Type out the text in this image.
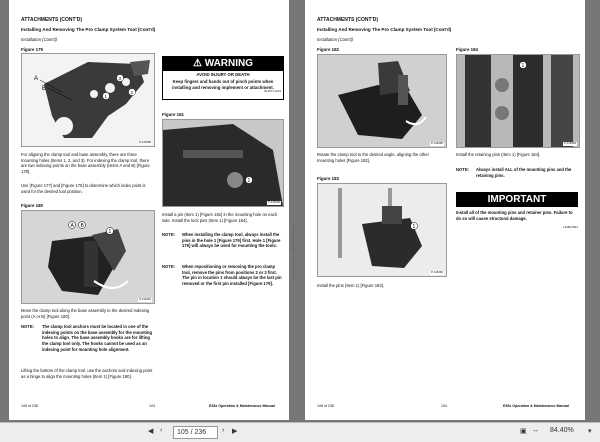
ATTACHMENTS (CONT'D)
Installing And Removing The Pro Clamp System Tool (Cont'd)
Installation (Cont'd)
Figure 179
A
B
1
2
3
P-116088
For aligning the clamp tool and base assembly, there are three mounting holes (Items 1, 2, and 3). For indexing the clamp tool, there are two indexing points on the base assembly (Items A and B) [Figure 179].
Use [Figure 177] and [Figure 178] to determine which index point is used for the desired tool position.
Figure 180
A B
1
P-116081
Move the clamp tool along the base assembly to the desired indexing point (A or B) [Figure 180].
NOTE:	The clamp tool anchors must be located in one of the indexing points on the base assembly for the mounting holes to align. The base assembly hooks are for lifting the clamp tool only. The hooks cannot be used as an indexing point for mounting hole alignment.
Lifting the bottom of the clamp tool, use the anchors and indexing point as a hinge to align the mounting holes (Item 1) [Figure 180].
⚠ WARNING
AVOID INJURY OR DEATH
Keep fingers and hands out of pinch points when installing and removing implement or attachment.
W-2571-1213
Figure 181
1
P-116084
Install a pin (Item 1) [Figure 181] in the mounting hole on each side. Install the lock pins (Item 1) [Figure 184].
NOTE:	When installing the clamp tool, always install the pins in the hole 1 [Figure 179] first. Hole 1 [Figure 179] will always be used for mounting the tools.
NOTE:	When repositioning or removing the pro clamp tool, remove the pins from positions 2 or 3 first. The pin in location 1 should always be the last pin removed or the first pin installed [Figure 179].
105 of 236	103	E35z Operation & Maintenance Manual
Dealer Copy -- Not for Resale
ATTACHMENTS (CONT'D)
Installing And Removing The Pro Clamp System Tool (Cont'd)
Installation (Cont'd)
Figure 182
P-116085
Rotate the clamp tool to the desired angle, aligning the other mounting holes [Figure 182].
Figure 183
1
P-116082
Install the pins (Item 1) [Figure 183].
Figure 184
1
P-116083
Install the retaining pins (Item 1) [Figure 184].
NOTE:	Always install ALL of the mounting pins and the retaining pins.
IMPORTANT
Install all of the mounting pins and retainer pins. Failure to do so will cause structural damage.
I-2389-0914
106 of 236	104	E35z Operation & Maintenance Manual
◀ ‹	105 / 236	› ▶	▣ ↔ 84.40% ▾
